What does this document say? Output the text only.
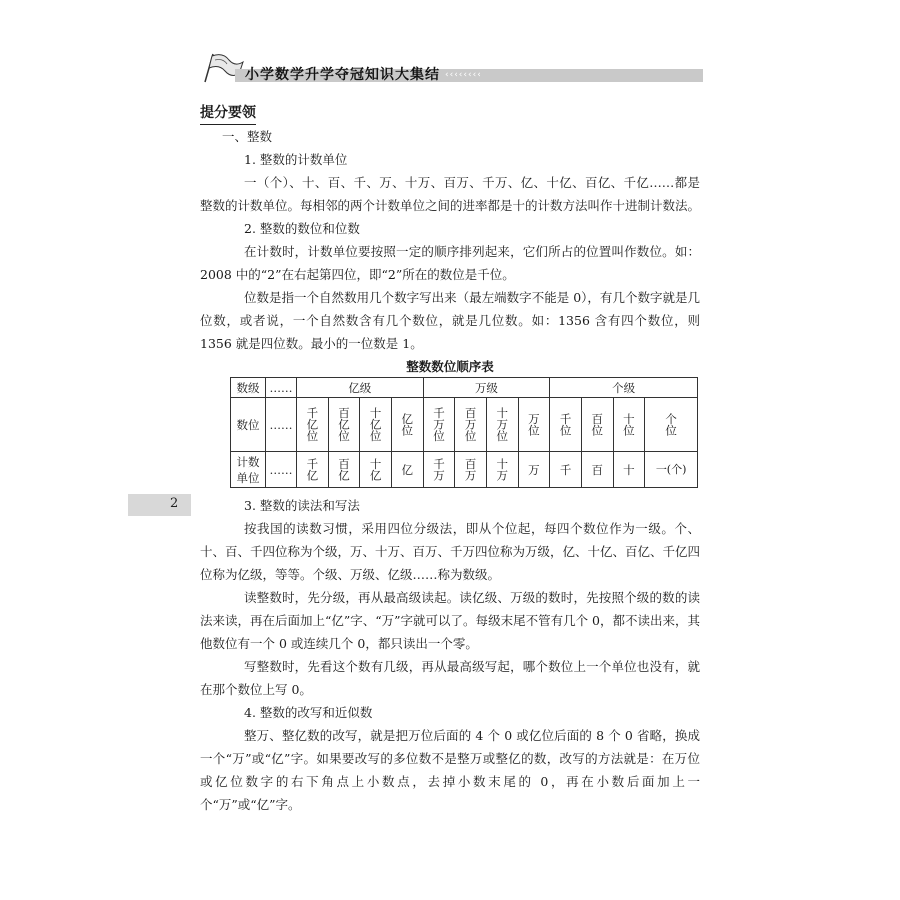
小学数学升学夺冠知识大集结 ‹‹‹‹‹‹‹‹
2
提分要领

一、整数

1. 整数的计数单位

一（个）、十、百、千、万、十万、百万、千万、亿、十亿、百亿、千亿……都是整数的计数单位。每相邻的两个计数单位之间的进率都是十的计数方法叫作十进制计数法。

2. 整数的数位和位数

在计数时，计数单位要按照一定的顺序排列起来，它们所占的位置叫作数位。如：2008 中的“2”在右起第四位，即“2”所在的数位是千位。

位数是指一个自然数用几个数字写出来（最左端数字不能是 0），有几个数字就是几位数，或者说，一个自然数含有几个数位，就是几位数。如：1356 含有四个数位，则 1356 就是四位数。最小的一位数是 1。

整数数位顺序表
数级	……	亿级				万级				个级			
数位	……	千亿位	百亿位	十亿位	亿位	千万位	百万位	十万位	万位	千位	百位	十位	个位
计数单位	……	千亿	百亿	十亿	亿	千万	百万	十万	万	千	百	十	一(个)

3. 整数的读法和写法

按我国的读数习惯，采用四位分级法，即从个位起，每四个数位作为一级。个、十、百、千四位称为个级，万、十万、百万、千万四位称为万级，亿、十亿、百亿、千亿四位称为亿级，等等。个级、万级、亿级……称为数级。

读整数时，先分级，再从最高级读起。读亿级、万级的数时，先按照个级的数的读法来读，再在后面加上“亿”字、“万”字就可以了。每级末尾不管有几个 0，都不读出来，其他数位有一个 0 或连续几个 0，都只读出一个零。

写整数时，先看这个数有几级，再从最高级写起，哪个数位上一个单位也没有，就在那个数位上写 0。

4. 整数的改写和近似数

整万、整亿数的改写，就是把万位后面的 4 个 0 或亿位后面的 8 个 0 省略，换成一个“万”或“亿”字。如果要改写的多位数不是整万或整亿的数，改写的方法就是：在万位或亿位数字的右下角点上小数点，去掉小数末尾的 0，再在小数后面加上一个“万”或“亿”字。
